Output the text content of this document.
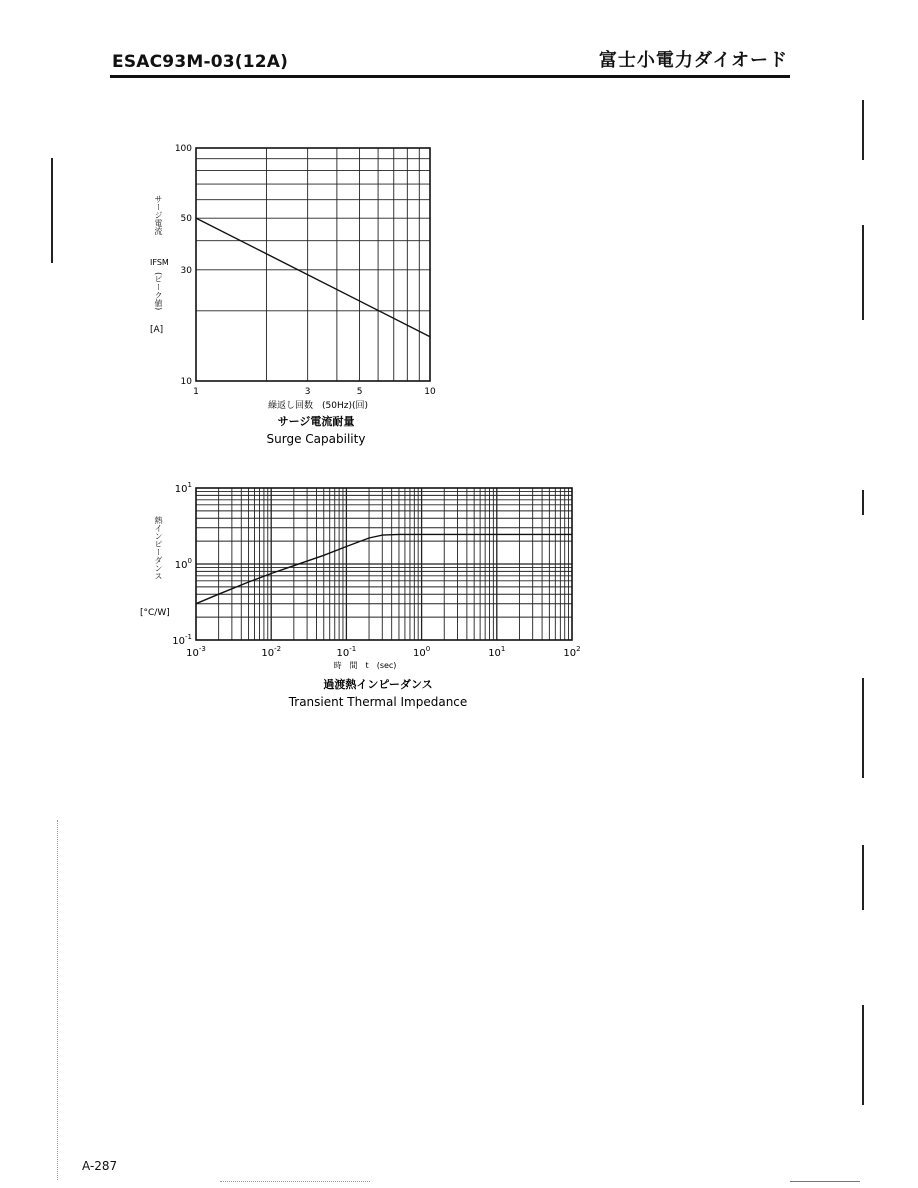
ESAC93M-03(12A)	富士小電力ダイオード
1	3	5	10
10
30
50
100
IFSM
[A]
繰返し回数　(50Hz)(回)
サージ電流耐量
Surge Capability
サージ電流
(ピーク値)
$10^{-3}$	$10^{-2}$	$10^{-1}$	$10^0$	$10^1$	$10^2$
$10^{-1}$
$10^0$
$10^1$
[°C/W]
時　間　t　(sec)
過渡熱インピーダンス
Transient Thermal Impedance
熱インピーダンス
A-287
